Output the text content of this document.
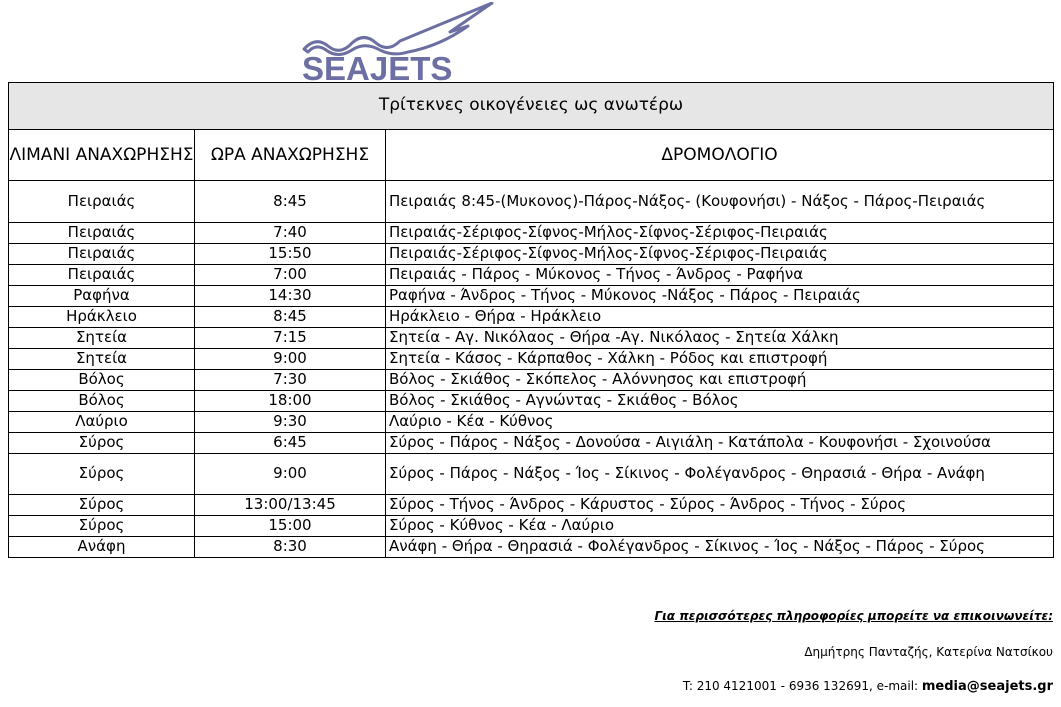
SEAJETS
Τρίτεκνες οικογένειες ως ανωτέρω		
ΛΙΜΑΝΙ ΑΝΑΧΩΡΗΣΗΣ	ΩΡΑ ΑΝΑΧΩΡΗΣΗΣ	ΔΡΟΜΟΛΟΓΙΟ
Πειραιάς	8:45	Πειραιάς 8:45-(Μυκονος)-Πάρος-Νάξος- (Κουφονήσι) - Νάξος - Πάρος-Πειραιάς
Πειραιάς	7:40	Πειραιάς-Σέριφος-Σίφνος-Μήλος-Σίφνος-Σέριφος-Πειραιάς
Πειραιάς	15:50	Πειραιάς-Σέριφος-Σίφνος-Μήλος-Σίφνος-Σέριφος-Πειραιάς
Πειραιάς	7:00	Πειραιάς - Πάρος - Μύκονος - Τήνος - Άνδρος - Ραφήνα
Ραφήνα	14:30	Ραφήνα - Άνδρος - Τήνος - Μύκονος -Νάξος - Πάρος - Πειραιάς
Ηράκλειο	8:45	Ηράκλειο - Θήρα - Ηράκλειο
Σητεία	7:15	Σητεία - Αγ. Νικόλαος - Θήρα -Αγ. Νικόλαος - Σητεία Χάλκη
Σητεία	9:00	Σητεία - Κάσος - Κάρπαθος - Χάλκη - Ρόδος και επιστροφή
Βόλος	7:30	Βόλος - Σκιάθος - Σκόπελος - Αλόννησος και επιστροφή
Βόλος	18:00	Βόλος - Σκιάθος - Αγνώντας - Σκιάθος - Βόλος
Λαύριο	9:30	Λαύριο - Κέα - Κύθνος
Σύρος	6:45	Σύρος - Πάρος - Νάξος - Δονούσα - Αιγιάλη - Κατάπολα - Κουφονήσι - Σχοινούσα
Σύρος	9:00	Σύρος - Πάρος - Νάξος - Ίος - Σίκινος - Φολέγανδρος - Θηρασιά - Θήρα - Ανάφη
Σύρος	13:00/13:45	Σύρος - Τήνος - Άνδρος - Κάρυστος - Σύρος - Άνδρος - Τήνος - Σύρος
Σύρος	15:00	Σύρος - Κύθνος - Κέα - Λαύριο
Ανάφη	8:30	Ανάφη - Θήρα - Θηρασιά - Φολέγανδρος - Σίκινος - Ίος - Νάξος - Πάρος - Σύρος
Για περισσότερες πληροφορίες μπορείτε να επικοινωνείτε:
Δημήτρης Πανταζής, Κατερίνα Νατσίκου
T: 210 4121001 - 6936 132691, e-mail: media@seajets.gr
